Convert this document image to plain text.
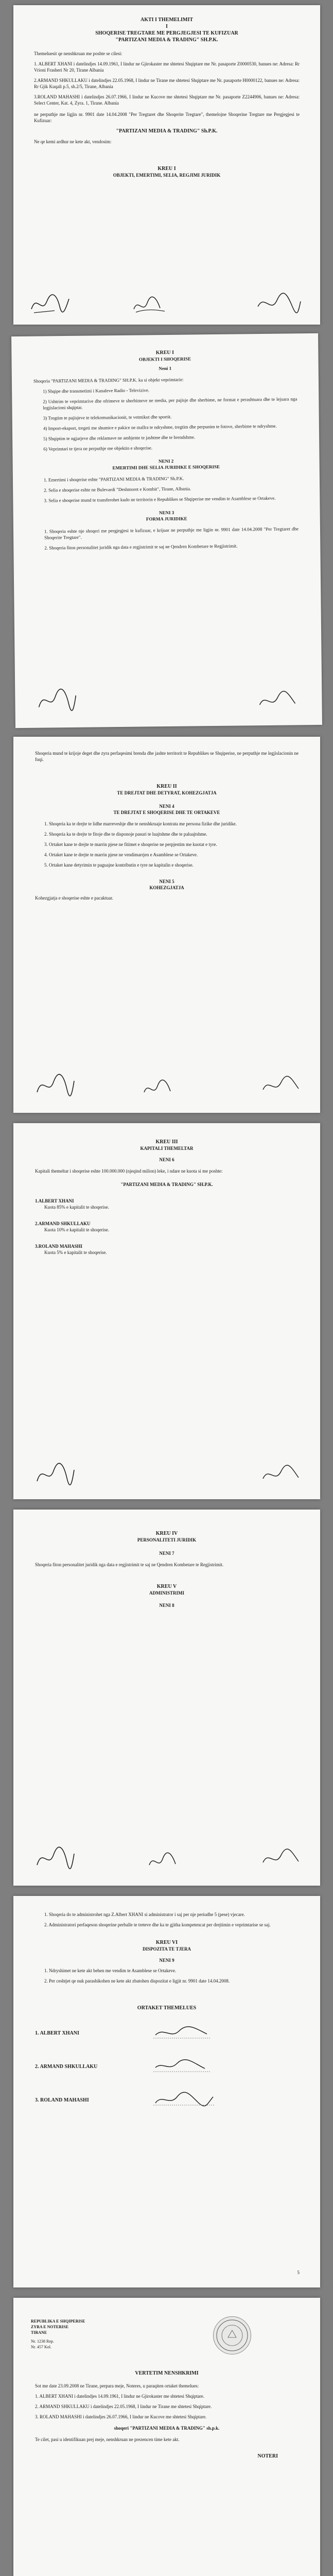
AKTI I THEMELIMIT
I
SHOQERISE TREGTARE ME PERGJEGJESI TE KUFIZUAR
"PARTIZANI MEDIA & TRADING" SH.P.K.
Themeluesit qe nenshkruan me poshte se cilesi:
1. ALBERT XHANI i datelindjes 14.09.1961, I lindur ne Gjirokaster me shtetesi Shqiptare me Nr. pasaporte Z0000530, banues ne: Adresa: Rr Vrioni Frasheri Nr 20, Tirane Albania
2.ARMAND SHKULLAKU i datelindjes 22.05.1968, I lindur ne Tirane me shtetesi Shqiptare me Nr. pasaporte H0000122, banues ne: Adresa: Rr Gjik Kuqali p.5, sh.2/5, Tirane, Albania
3.ROLAND MAHASHI i datelindjes 26.07.1966, I lindur ne Kucove me shtetesi Shqiptare me Nr. pasaporte Z2244906, banues ne: Adresa: Select Center, Kat. 4, Zyra. 1, Tirane. Albania
ne perputhje me ligjin nr. 9901 date 14.04.2008 "Per Tregtaret dhe Shoqerite Tregtare", themelojne Shoqerine Tregtare me Pergjegjesi te Kufizuar:
"PARTIZANI MEDIA & TRADING" Sh.P.K.
Ne qe kemi ardhur ne kete akt, vendosim:
KREU I
OBJEKTI, EMERTIMI, SELIA, REGJIMI JURIDIK
KREU I
OBJEKTI I SHOQERISE
Neni 1
Shoqeria "PARTIZANI MEDIA & TRADING" SH.P.K. ka si objekt veprimtarie:
1) Shqipe dhe transmetimi i Kanaleve Radio - Televizive.
2) Ushtrim te veprimtarive dhe ofrimeve te sherbimeve ne media, per pajisje dhe sherbime, ne format e perashtuara dhe te lejuara nga legjislacioni shqiptar.
3) Tregtim te pajisjeve te telekomunikacionit, te vetmikut dhe sportit.
4) Import-eksport, tregeti me shumice e pakice ne mallra te ndryshme, tregtim dhe perpunim te fotove, sherbime te ndryshme.
5) Shqiptim te ngjarjeve dhe reklamave ne ambjente te jashtme dhe te brendshme.
6) Veprimtari te tjera ne perputhje me objektin e shoqerise.
NENI 2
EMERTIMI DHE SELIA JURIDIKE E SHOQERISE
1. Emertimi i shoqerise eshte "PARTIZANI MEDIA & TRADING" Sh.P.K.
2. Selia e shoqerise eshte ne Bulevardi "Deshmoret e Kombit", Tirane, Albania.
3. Selia e shoqerise mund te transferohet kudo ne territorin e Republikes se Shqiperise me vendim te Asamblese se Ortakeve.
NENI 3
FORMA JURIDIKE
1. Shoqeria eshte nje shoqeri me pergjegjesi te kufizuar, e krijuar ne perputhje me ligjin nr. 9901 date 14.04.2008 "Per Tregtaret dhe Shoqerite Tregtare".
2. Shoqeria fiton personalitet juridik nga data e regjistrimit te saj ne Qendren Kombetare te Regjistrimit.
Shoqeria mund te krijoje deget dhe zyra perfaqesimi brenda dhe jashte territorit te Republikes se Shqiperise, ne perputhje me legjislacionin ne fuqi.
KREU II
TE DREJTAT DHE DETYRAT, KOHEZGJATJA
NENI 4
TE DREJTAT E SHOQERISE DHE TE ORTAKEVE
1. Shoqeria ka te drejte te lidhe marreveshje dhe te nenshkruaje kontrata me persona fizike dhe juridike.
2. Shoqeria ka te drejte te fitoje dhe te disponoje pasuri te luajtshme dhe te paluajtshme.
3. Ortaket kane te drejte te marrin pjese ne fitimet e shoqerise ne perpjestim me kuotat e tyre.
4. Ortaket kane te drejte te marrin pjese ne vendimarrjen e Asamblese se Ortakeve.
5. Ortaket kane detyrimin te paguajne kontributin e tyre ne kapitalin e shoqerise.
NENI 5
KOHEZGJATJA
Kohezgjatja e shoqerise eshte e pacaktuar.
KREU III
KAPITALI THEMELTAR
NENI 6
Kapitali themeltar i shoqerise eshte 100.000.000 (njeqind milion) leke, i ndare ne kuota si me poshte:
"PARTIZANI MEDIA & TRADING" SH.P.K.
1.ALBERT XHANI
Kuota 85% e kapitalit te shoqerise.
2.ARMAND SHKULLAKU
Kuota 10% e kapitalit te shoqerise.
3.ROLAND MAHASHI
Kuota 5% e kapitalit te shoqerise.
KREU IV
PERSONALITETI JURIDIK
NENI 7
Shoqeria fiton personalitet juridik nga data e regjistrimit te saj ne Qendren Kombetare te Regjistrimit.
KREU V
ADMINISTRIMI
NENI 8
1. Shoqeria do te administrohet nga Z.Albert XHANI si administrator i saj per nje periudhe 5 (pese) vjecare.
2. Administratori perfaqeson shoqerine perballe te treteve dhe ka te gjitha kompetencat per drejtimin e veprimtarise se saj.
KREU VI
DISPOZITA TE TJERA
NENI 9
1. Ndryshimet ne kete akt behen me vendim te Asamblese se Ortakeve.
2. Per ceshtjet qe nuk parashikohen ne kete akt zbatohen dispozitat e ligjit nr. 9901 date 14.04.2008.
ORTAKET THEMELUES
1. ALBERT XHANI	
2. ARMAND SHKULLAKU	
3. ROLAND MAHASHI	
5
REPUBLIKA E SHQIPERISE
ZYRA E NOTERISE
TIRANE
Nr. 1238 Rep.
Nr. 457 Kol.
VERTETIM NENSHKRIMI
Sot me date 23.09.2008 ne Tirane, perpara meje, Noteres, u paraqiten ortaket themelues:
1. ALBERT XHANI i datelindjes 14.09.1961, I lindur ne Gjirokaster me shtetesi Shqiptare.
2. ARMAND SHKULLAKU i datelindjes 22.05.1968, I lindur ne Tirane me shtetesi Shqiptare.
3. ROLAND MAHASHI i datelindjes 26.07.1966, I lindur ne Kucove me shtetesi Shqiptare.
shoqeri "PARTIZANI MEDIA & TRADING" sh.p.k.
Te cilet, pasi u identifikuan prej meje, nenshkruan ne prezencen time kete akt.
NOTERI
